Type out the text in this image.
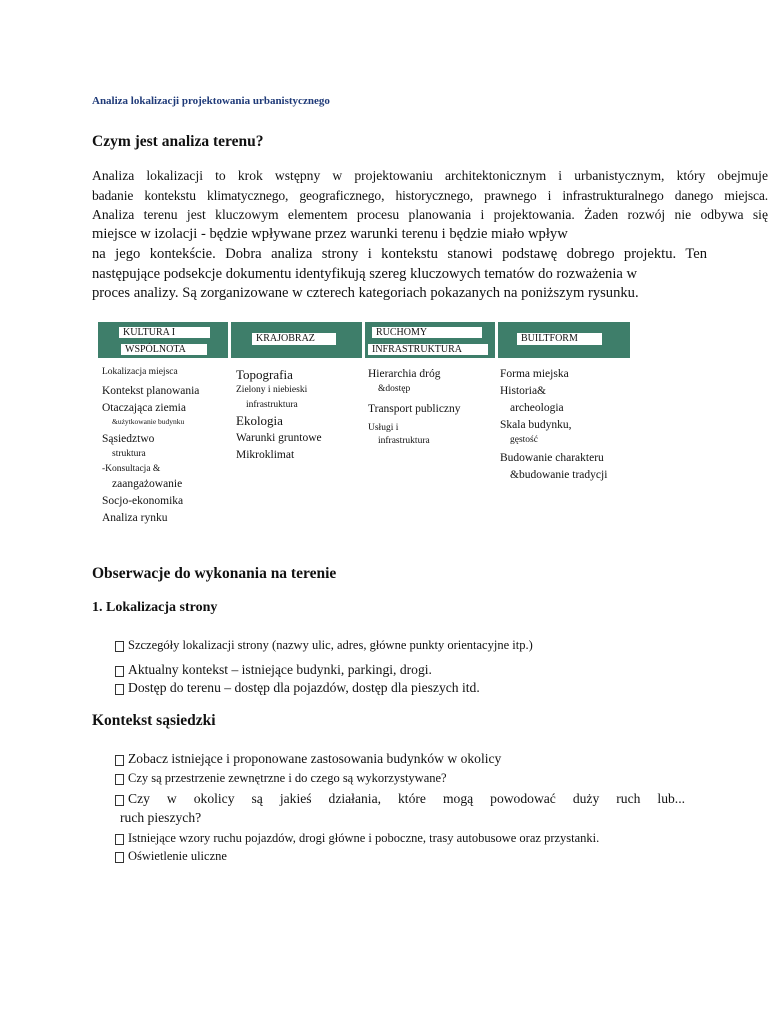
Analiza lokalizacji projektowania urbanistycznego
Czym jest analiza terenu?

Analiza lokalizacji to krok wstępny w projektowaniu architektonicznym i urbanistycznym, który obejmuje

badanie kontekstu klimatycznego, geograficznego, historycznego, prawnego i infrastrukturalnego danego miejsca.

Analiza terenu jest kluczowym elementem procesu planowania i projektowania. Żaden rozwój nie odbywa się

miejsce w izolacji - będzie wpływane przez warunki terenu i będzie miało wpływ

na jego kontekście. Dobra analiza strony i kontekstu stanowi podstawę dobrego projektu. Ten

następujące podsekcje dokumentu identyfikują szereg kluczowych tematów do rozważenia w

proces analizy. Są zorganizowane w czterech kategoriach pokazanych na poniższym rysunku.

KULTURA I
WSPÓLNOTA
KRAJOBRAZ
RUCHOMY
INFRASTRUKTURA
BUILTFORM
Lokalizacja miejsca
Kontekst planowania
Otaczająca ziemia
&użytkowanie budynku
Sąsiedztwo
struktura
-Konsultacja &
zaangażowanie
Socjo-ekonomika
Analiza rynku
Topografia
Zielony i niebieski
infrastruktura
Ekologia
Warunki gruntowe
Mikroklimat
Hierarchia dróg
&dostęp
Transport publiczny
Usługi i
infrastruktura
Forma miejska
Historia&
archeologia
Skala budynku,
gęstość
Budowanie charakteru
&budowanie tradycji
Obserwacje do wykonania na terenie
1. Lokalizacja strony
Szczegóły lokalizacji strony (nazwy ulic, adres, główne punkty orientacyjne itp.)
Aktualny kontekst – istniejące budynki, parkingi, drogi.
Dostęp do terenu – dostęp dla pojazdów, dostęp dla pieszych itd.
Kontekst sąsiedzki
Zobacz istniejące i proponowane zastosowania budynków w okolicy
Czy są przestrzenie zewnętrzne i do czego są wykorzystywane?
Czy w okolicy są jakieś działania, które mogą powodować duży ruch lub...
ruch pieszych?
Istniejące wzory ruchu pojazdów, drogi główne i poboczne, trasy autobusowe oraz przystanki.
Oświetlenie uliczne
